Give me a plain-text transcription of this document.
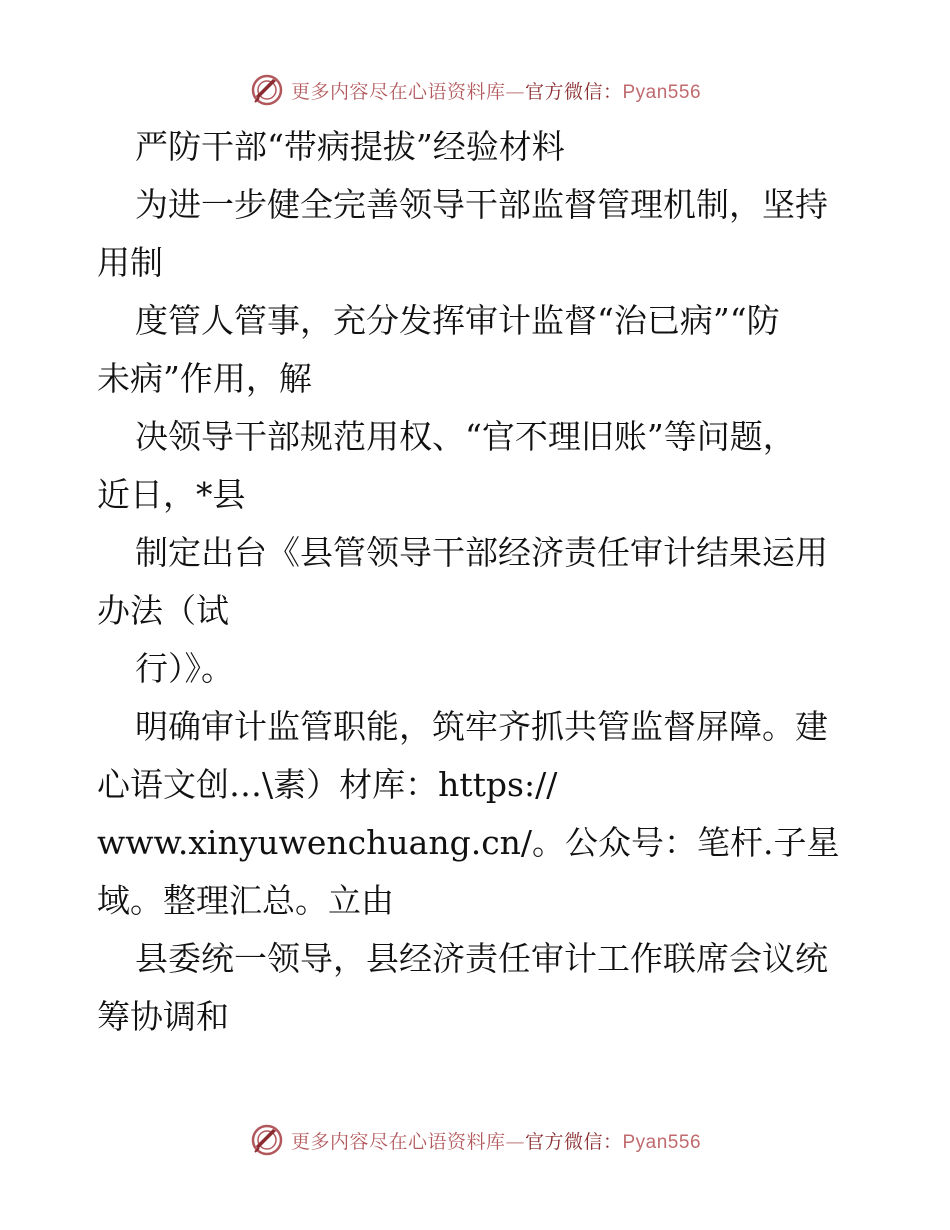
更多内容尽在心语资料库—官方微信：Pyan556

严防干部“带病提拔”经验材料

为进一步健全完善领导干部监督管理机制，坚持

用制

度管人管事，充分发挥审计监督“治已病”“防

未病”作用，解

决领导干部规范用权、“官不理旧账”等问题，

近日，*县

制定出台《县管领导干部经济责任审计结果运用

办法（试

行）》。

明确审计监管职能，筑牢齐抓共管监督屏障。建

心语文创…\素）材库：https://

www.xinyuwenchuang.cn/。公众号：笔杆.子星

域。整理汇总。立由

县委统一领导，县经济责任审计工作联席会议统

筹协调和

更多内容尽在心语资料库—官方微信：Pyan556
